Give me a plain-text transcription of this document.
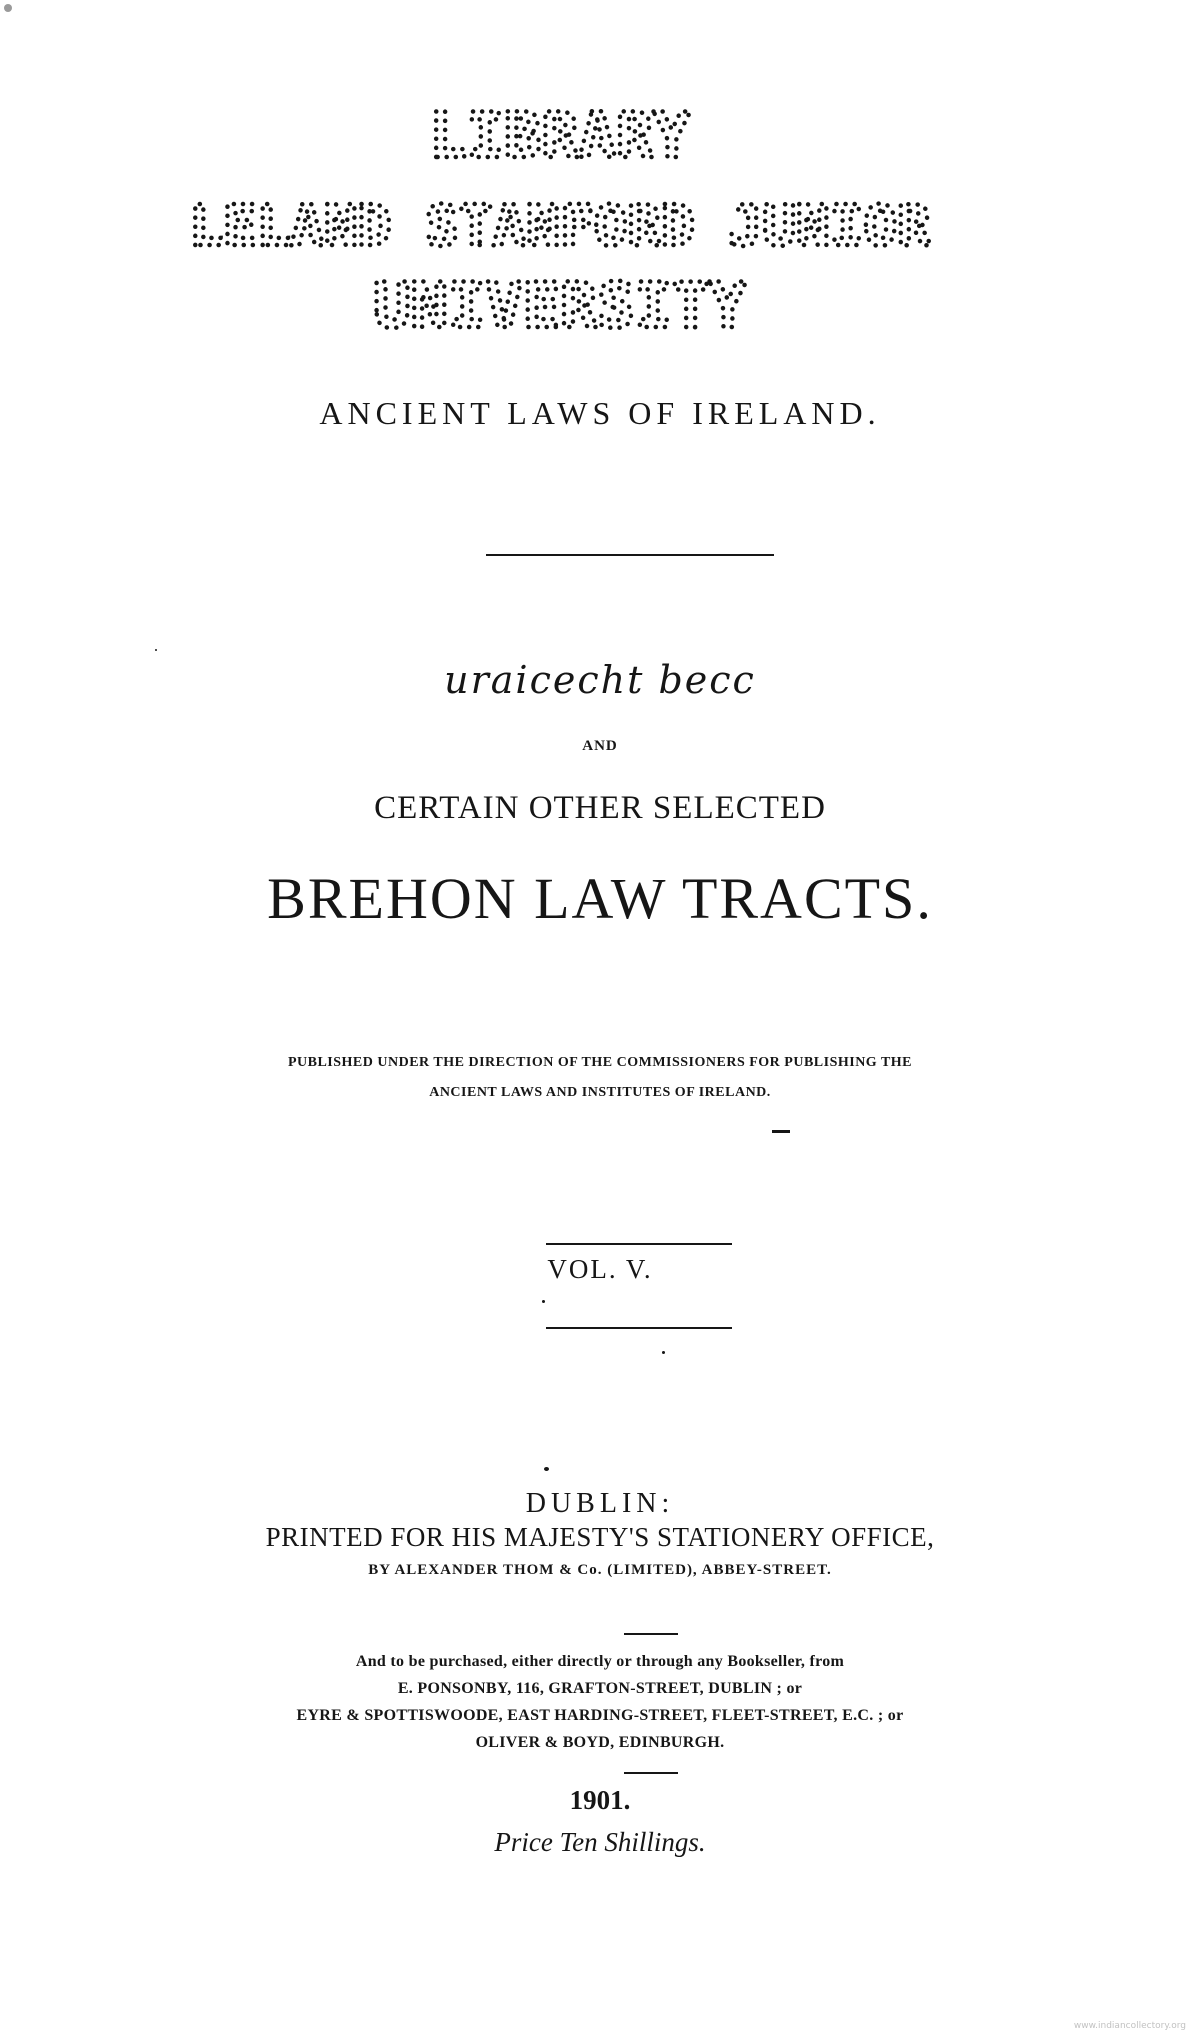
LIBRARY
LELAND STANFORD JUNIOR
UNIVERSITY
ANCIENT LAWS OF IRELAND.
uraicecht becc
AND
CERTAIN OTHER SELECTED
BREHON LAW TRACTS.
PUBLISHED UNDER THE DIRECTION OF THE COMMISSIONERS FOR PUBLISHING THE
ANCIENT LAWS AND INSTITUTES OF IRELAND.
VOL. V.
DUBLIN:
PRINTED FOR HIS MAJESTY'S STATIONERY OFFICE,
BY ALEXANDER THOM & Co. (LIMITED), ABBEY-STREET.
And to be purchased, either directly or through any Bookseller, from
E. PONSONBY, 116, GRAFTON-STREET, DUBLIN ; or
EYRE & SPOTTISWOODE, EAST HARDING-STREET, FLEET-STREET, E.C. ; or
OLIVER & BOYD, EDINBURGH.
1901.
Price Ten Shillings.
www.indiancollectory.org
